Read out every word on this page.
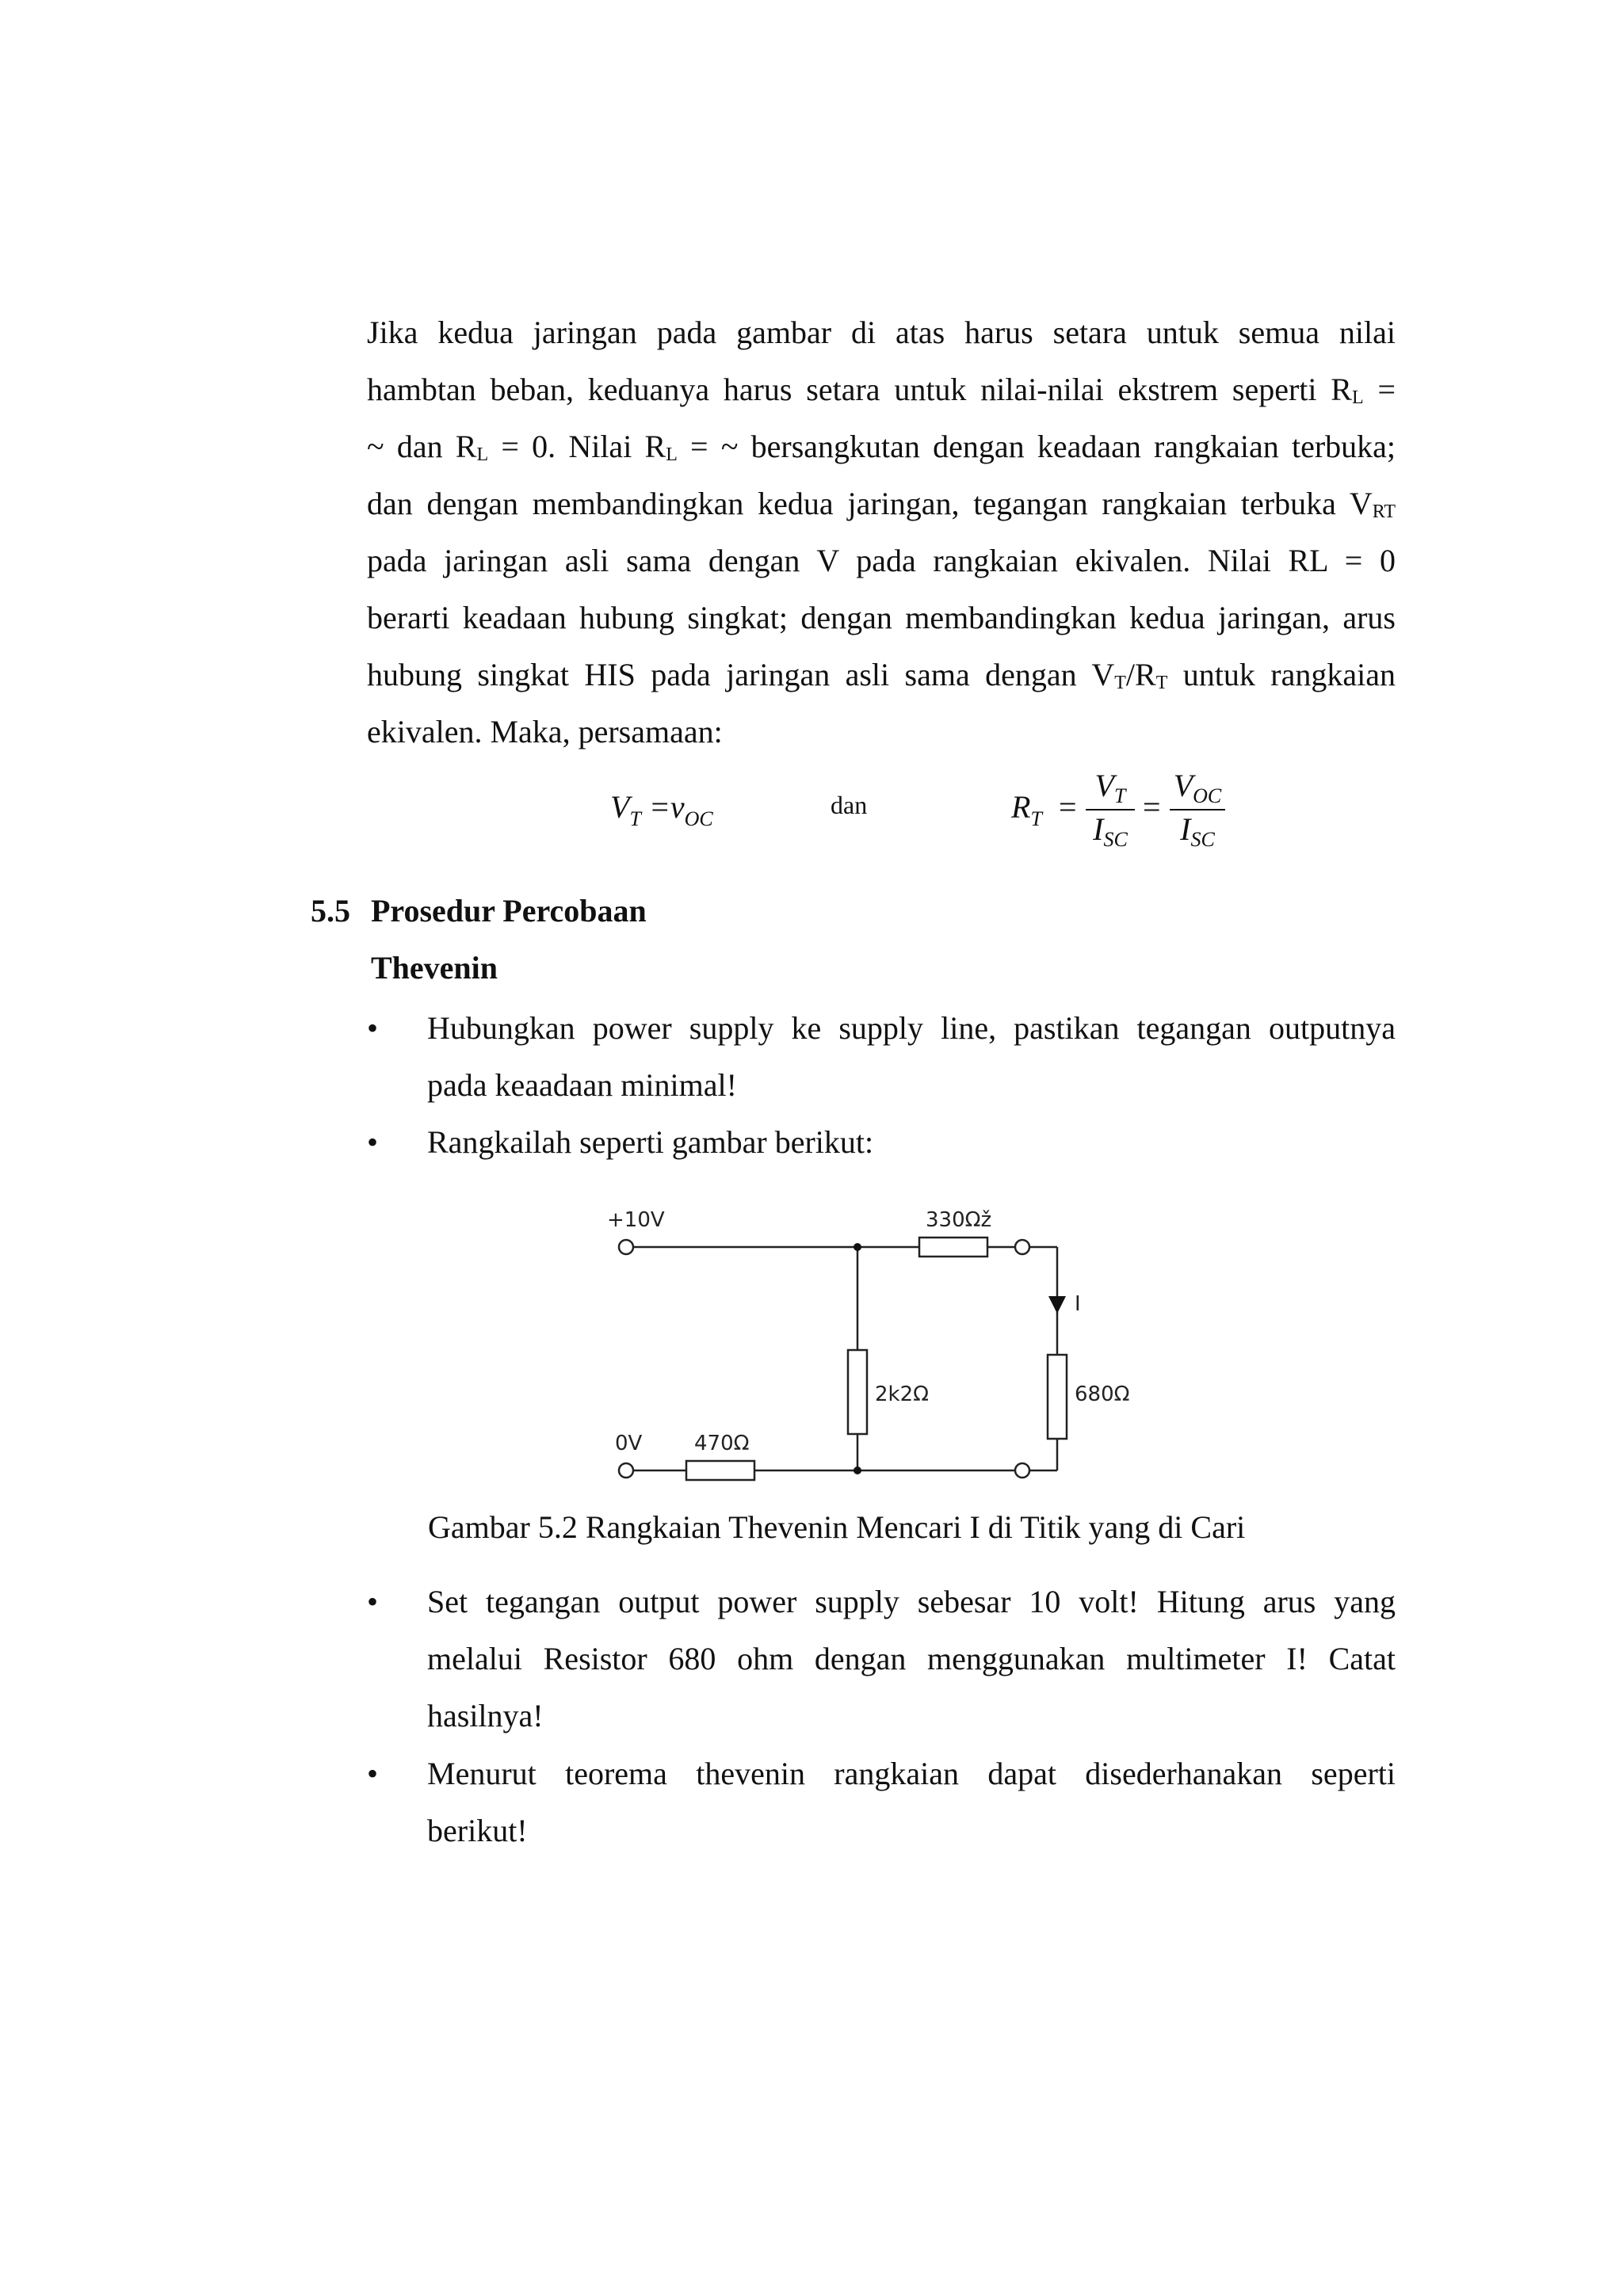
Jika kedua jaringan pada gambar di atas harus setara untuk semua nilai
hambtan beban, keduanya harus setara untuk nilai-nilai ekstrem seperti $R_L$ =
~ dan $R_L = 0$. Nilai $R_L$ = ~ bersangkutan dengan keadaan rangkaian terbuka;
dan dengan membandingkan kedua jaringan, tegangan rangkaian terbuka $V_{RT}$
pada jaringan asli sama dengan V pada rangkaian ekivalen. Nilai RL = 0
berarti keadaan hubung singkat; dengan membandingkan kedua jaringan, arus
hubung singkat HIS pada jaringan asli sama dengan $V_T/R_T$ untuk rangkaian
ekivalen. Maka, persamaan:
$V_T =v_{OC}$	dan	$R_T$ =
$V_T$
$I_{SC}$
=
$V_{OC}$
$I_{SC}$
5.5 Prosedur Percobaan
Thevenin
• Hubungkan power supply ke supply line, pastikan tegangan outputnya
pada keaadaan minimal!
• Rangkailah seperti gambar berikut:
+10V
0V
330Ωž
2k2Ω	680Ω
470Ω
I
Gambar 5.2 Rangkaian Thevenin Mencari I di Titik yang di Cari
• Set tegangan output power supply sebesar 10 volt! Hitung arus yang
melalui Resistor 680 ohm dengan menggunakan multimeter I! Catat
hasilnya!
• Menurut teorema thevenin rangkaian dapat disederhanakan seperti
berikut!
